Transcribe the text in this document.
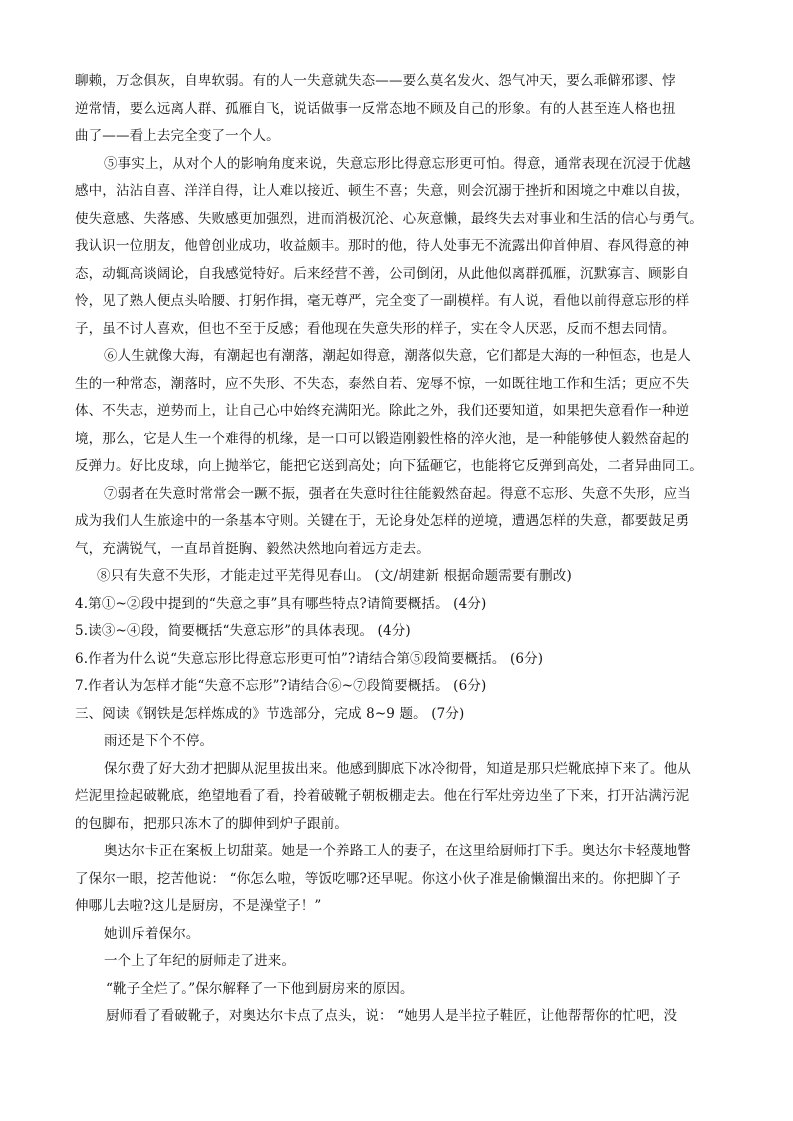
聊赖，万念俱灰，自卑软弱。有的人一失意就失态——要么莫名发火、怨气冲天，要么乖僻邪谬、悖
逆常情，要么远离人群、孤雁自飞，说话做事一反常态地不顾及自己的形象。有的人甚至连人格也扭
曲了——看上去完全变了一个人。
⑤事实上，从对个人的影响角度来说，失意忘形比得意忘形更可怕。得意，通常表现在沉浸于优越
感中，沾沾自喜、洋洋自得，让人难以接近、顿生不喜；失意，则会沉溺于挫折和困境之中难以自拔，
使失意感、失落感、失败感更加强烈，进而消极沉沦、心灰意懒，最终失去对事业和生活的信心与勇气。
我认识一位朋友，他曾创业成功，收益颇丰。那时的他，待人处事无不流露出仰首伸眉、春风得意的神
态，动辄高谈阔论，自我感觉特好。后来经营不善，公司倒闭，从此他似离群孤雁，沉默寡言、顾影自
怜，见了熟人便点头哈腰、打躬作揖，毫无尊严，完全变了一副模样。有人说，看他以前得意忘形的样
子，虽不讨人喜欢，但也不至于反感；看他现在失意失形的样子，实在令人厌恶，反而不想去同情。
⑥人生就像大海，有潮起也有潮落，潮起如得意，潮落似失意，它们都是大海的一种恒态，也是人
生的一种常态，潮落时，应不失形、不失态，泰然自若、宠辱不惊，一如既往地工作和生活；更应不失
体、不失志，逆势而上，让自己心中始终充满阳光。除此之外，我们还要知道，如果把失意看作一种逆
境，那么，它是人生一个难得的机缘，是一口可以锻造刚毅性格的淬火池，是一种能够使人毅然奋起的
反弹力。好比皮球，向上抛举它，能把它送到高处；向下猛砸它，也能将它反弹到高处，二者异曲同工。
⑦弱者在失意时常常会一蹶不振，强者在失意时往往能毅然奋起。得意不忘形、失意不失形，应当
成为我们人生旅途中的一条基本守则。关键在于，无论身处怎样的逆境，遭遇怎样的失意，都要鼓足勇
气，充满锐气，一直昂首挺胸、毅然决然地向着远方走去。
⑧只有失意不失形，才能走过平芜得见春山。 (文/胡建新 根据命题需要有删改)
4.第①~②段中提到的“失意之事”具有哪些特点?请简要概括。 (4分)
5.读③~④段，简要概括“失意忘形”的具体表现。 (4分)
6.作者为什么说“失意忘形比得意忘形更可怕”?请结合第⑤段简要概括。 (6分)
7.作者认为怎样才能“失意不忘形”?请结合⑥~⑦段简要概括。 (6分)
三、阅读《钢铁是怎样炼成的》节选部分，完成 8~9 题。 (7分)
雨还是下个不停。
保尔费了好大劲才把脚从泥里拔出来。他感到脚底下冰冷彻骨，知道是那只烂靴底掉下来了。他从
烂泥里捡起破靴底，绝望地看了看，拎着破靴子朝板棚走去。他在行军灶旁边坐了下来，打开沾满污泥
的包脚布，把那只冻木了的脚伸到炉子跟前。
奥达尔卡正在案板上切甜菜。她是一个养路工人的妻子，在这里给厨师打下手。奥达尔卡轻蔑地瞥
了保尔一眼，挖苦他说： “你怎么啦，等饭吃哪?还早呢。你这小伙子准是偷懒溜出来的。你把脚丫子
伸哪儿去啦?这儿是厨房，不是澡堂子！”
她训斥着保尔。
一个上了年纪的厨师走了进来。
“靴子全烂了。”保尔解释了一下他到厨房来的原因。
厨师看了看破靴子，对奥达尔卡点了点头，说： “她男人是半拉子鞋匠，让他帮帮你的忙吧，没
